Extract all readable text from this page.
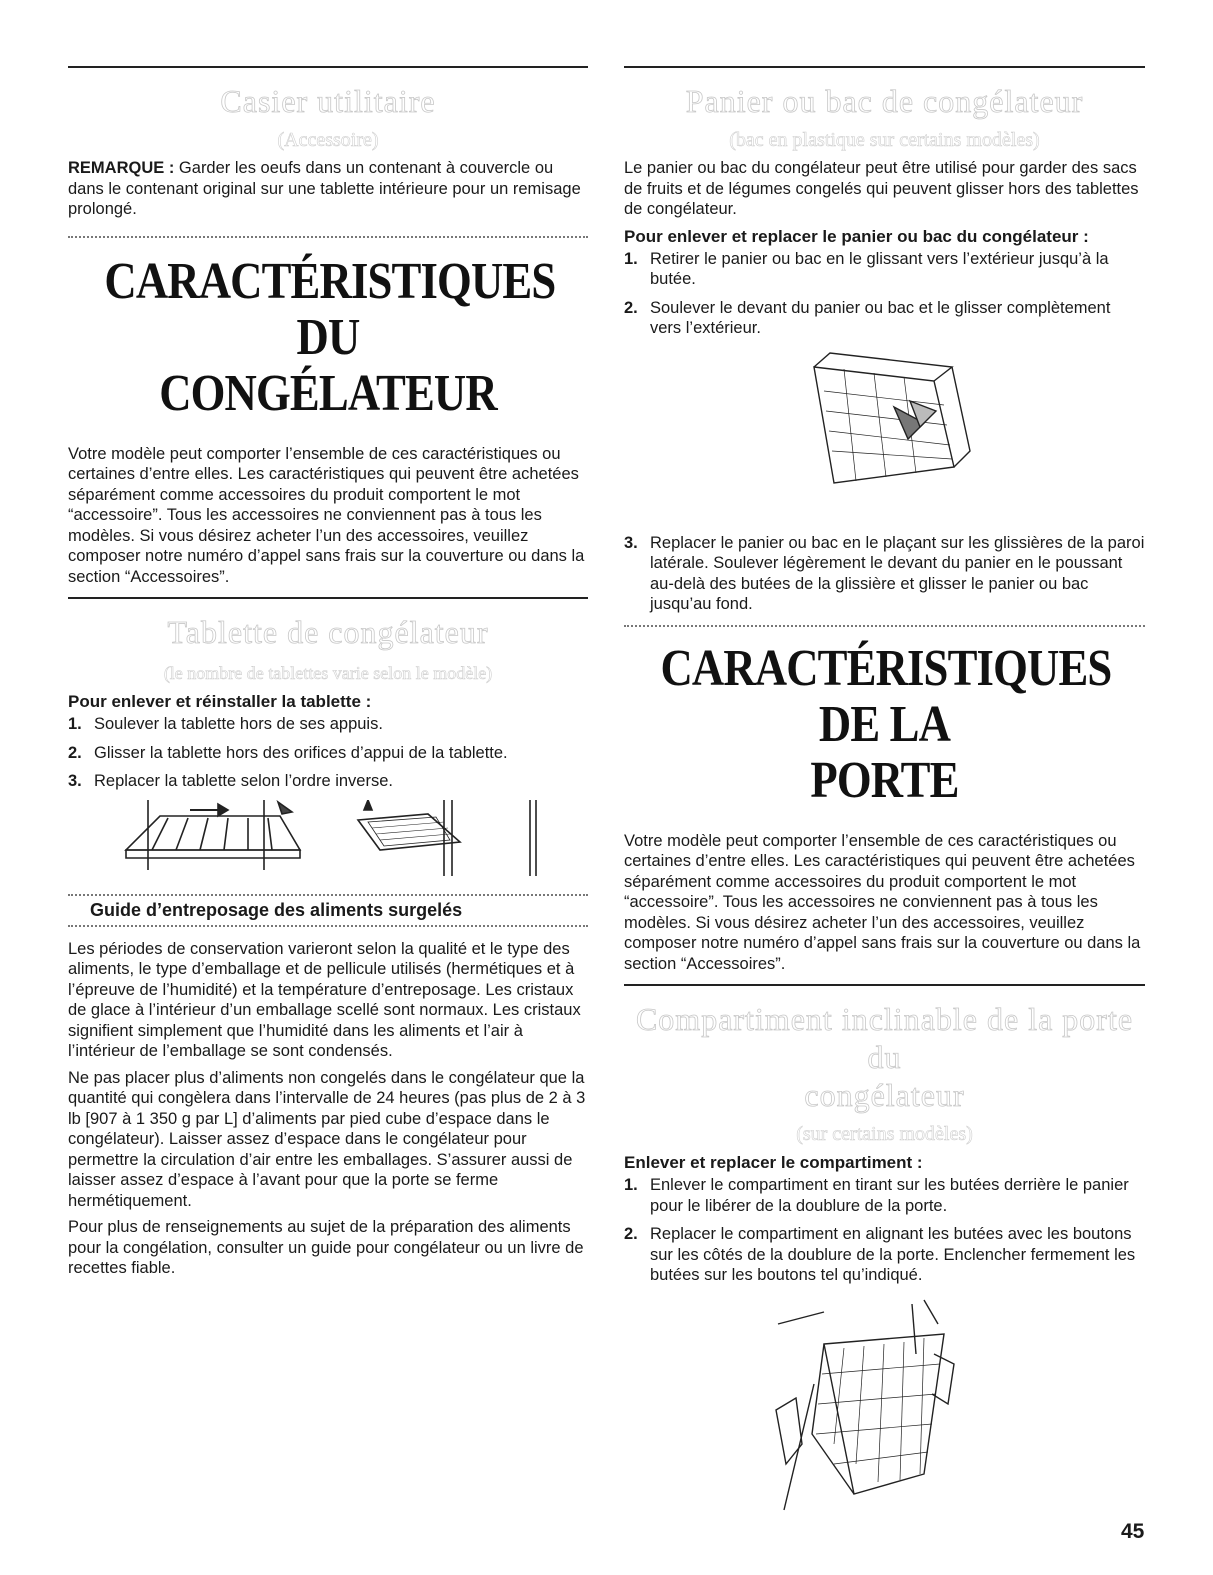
Casier utilitaire
(Accessoire)

REMARQUE : Garder les oeufs dans un contenant à couvercle ou dans le contenant original sur une tablette intérieure pour un remisage prolongé.

CARACTÉRISTIQUES DU
CONGÉLATEUR

Votre modèle peut comporter l’ensemble de ces caractéristiques ou certaines d’entre elles. Les caractéristiques qui peuvent être achetées séparément comme accessoires du produit comportent le mot “accessoire”. Tous les accessoires ne conviennent pas à tous les modèles. Si vous désirez acheter l’un des accessoires, veuillez composer notre numéro d’appel sans frais sur la couverture ou dans la section “Accessoires”.

Tablette de congélateur
(le nombre de tablettes varie selon le modèle)
Pour enlever et réinstaller la tablette :
1. Soulever la tablette hors de ses appuis.
2. Glisser la tablette hors des orifices d’appui de la tablette.
3. Replacer la tablette selon l’ordre inverse.
Guide d’entreposage des aliments surgelés

Les périodes de conservation varieront selon la qualité et le type des aliments, le type d’emballage et de pellicule utilisés (hermétiques et à l’épreuve de l’humidité) et la température d’entreposage. Les cristaux de glace à l’intérieur d’un emballage scellé sont normaux. Les cristaux signifient simplement que l’humidité dans les aliments et l’air à l’intérieur de l’emballage se sont condensés.

Ne pas placer plus d’aliments non congelés dans le congélateur que la quantité qui congèlera dans l’intervalle de 24 heures (pas plus de 2 à 3 lb [907 à 1 350 g par L] d’aliments par pied cube d’espace dans le congélateur). Laisser assez d’espace dans le congélateur pour permettre la circulation d’air entre les emballages. S’assurer aussi de laisser assez d’espace à l’avant pour que la porte se ferme hermétiquement.

Pour plus de renseignements au sujet de la préparation des aliments pour la congélation, consulter un guide pour congélateur ou un livre de recettes fiable.

Panier ou bac de congélateur
(bac en plastique sur certains modèles)

Le panier ou bac du congélateur peut être utilisé pour garder des sacs de fruits et de légumes congelés qui peuvent glisser hors des tablettes de congélateur.

Pour enlever et replacer le panier ou bac du congélateur :
1. Retirer le panier ou bac en le glissant vers l’extérieur jusqu’à la butée.
2. Soulever le devant du panier ou bac et le glisser complètement vers l’extérieur.
3. Replacer le panier ou bac en le plaçant sur les glissières de la paroi latérale. Soulever légèrement le devant du panier en le poussant au-delà des butées de la glissière et glisser le panier ou bac jusqu’au fond.
CARACTÉRISTIQUES DE LA
PORTE

Votre modèle peut comporter l’ensemble de ces caractéristiques ou certaines d’entre elles. Les caractéristiques qui peuvent être achetées séparément comme accessoires du produit comportent le mot “accessoire”. Tous les accessoires ne conviennent pas à tous les modèles. Si vous désirez acheter l’un des accessoires, veuillez composer notre numéro d’appel sans frais sur la couverture ou dans la section “Accessoires”.

Compartiment inclinable de la porte du
congélateur
(sur certains modèles)
Enlever et replacer le compartiment :
1. Enlever le compartiment en tirant sur les butées derrière le panier pour le libérer de la doublure de la porte.
2. Replacer le compartiment en alignant les butées avec les boutons sur les côtés de la doublure de la porte. Enclencher fermement les butées sur les boutons tel qu’indiqué.
45
